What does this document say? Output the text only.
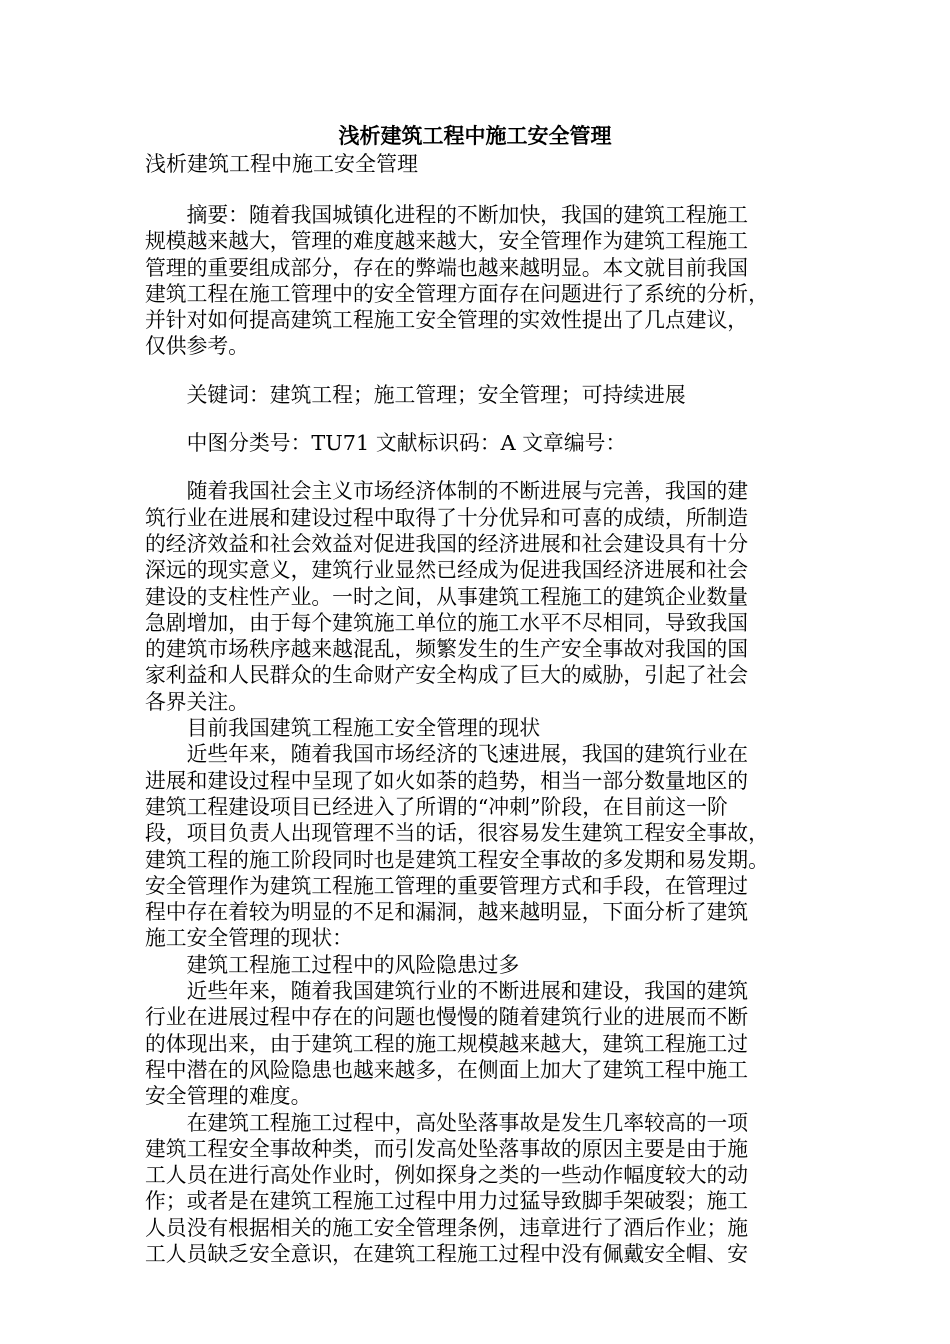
浅析建筑工程中施工安全管理
浅析建筑工程中施工安全管理

　　摘要：随着我国城镇化进程的不断加快，我国的建筑工程施工
规模越来越大，管理的难度越来越大，安全管理作为建筑工程施工
管理的重要组成部分，存在的弊端也越来越明显。本文就目前我国
建筑工程在施工管理中的安全管理方面存在问题进行了系统的分析，
并针对如何提高建筑工程施工安全管理的实效性提出了几点建议，
仅供参考。

　　关键词：建筑工程；施工管理；安全管理；可持续进展

　　中图分类号：TU71 文献标识码：A 文章编号：

　　随着我国社会主义市场经济体制的不断进展与完善，我国的建
筑行业在进展和建设过程中取得了十分优异和可喜的成绩，所制造
的经济效益和社会效益对促进我国的经济进展和社会建设具有十分
深远的现实意义，建筑行业显然已经成为促进我国经济进展和社会
建设的支柱性产业。一时之间，从事建筑工程施工的建筑企业数量
急剧增加，由于每个建筑施工单位的施工水平不尽相同，导致我国
的建筑市场秩序越来越混乱，频繁发生的生产安全事故对我国的国
家利益和人民群众的生命财产安全构成了巨大的威胁，引起了社会
各界关注。

　　目前我国建筑工程施工安全管理的现状

　　近些年来，随着我国市场经济的飞速进展，我国的建筑行业在
进展和建设过程中呈现了如火如荼的趋势，相当一部分数量地区的
建筑工程建设项目已经进入了所谓的“冲刺”阶段，在目前这一阶
段，项目负责人出现管理不当的话，很容易发生建筑工程安全事故，
建筑工程的施工阶段同时也是建筑工程安全事故的多发期和易发期。
安全管理作为建筑工程施工管理的重要管理方式和手段，在管理过
程中存在着较为明显的不足和漏洞，越来越明显，下面分析了建筑
施工安全管理的现状：

　　建筑工程施工过程中的风险隐患过多

　　近些年来，随着我国建筑行业的不断进展和建设，我国的建筑
行业在进展过程中存在的问题也慢慢的随着建筑行业的进展而不断
的体现出来，由于建筑工程的施工规模越来越大，建筑工程施工过
程中潜在的风险隐患也越来越多，在侧面上加大了建筑工程中施工
安全管理的难度。

　　在建筑工程施工过程中，高处坠落事故是发生几率较高的一项
建筑工程安全事故种类，而引发高处坠落事故的原因主要是由于施
工人员在进行高处作业时，例如探身之类的一些动作幅度较大的动
作；或者是在建筑工程施工过程中用力过猛导致脚手架破裂；施工
人员没有根据相关的施工安全管理条例，违章进行了酒后作业；施
工人员缺乏安全意识，在建筑工程施工过程中没有佩戴安全帽、安
